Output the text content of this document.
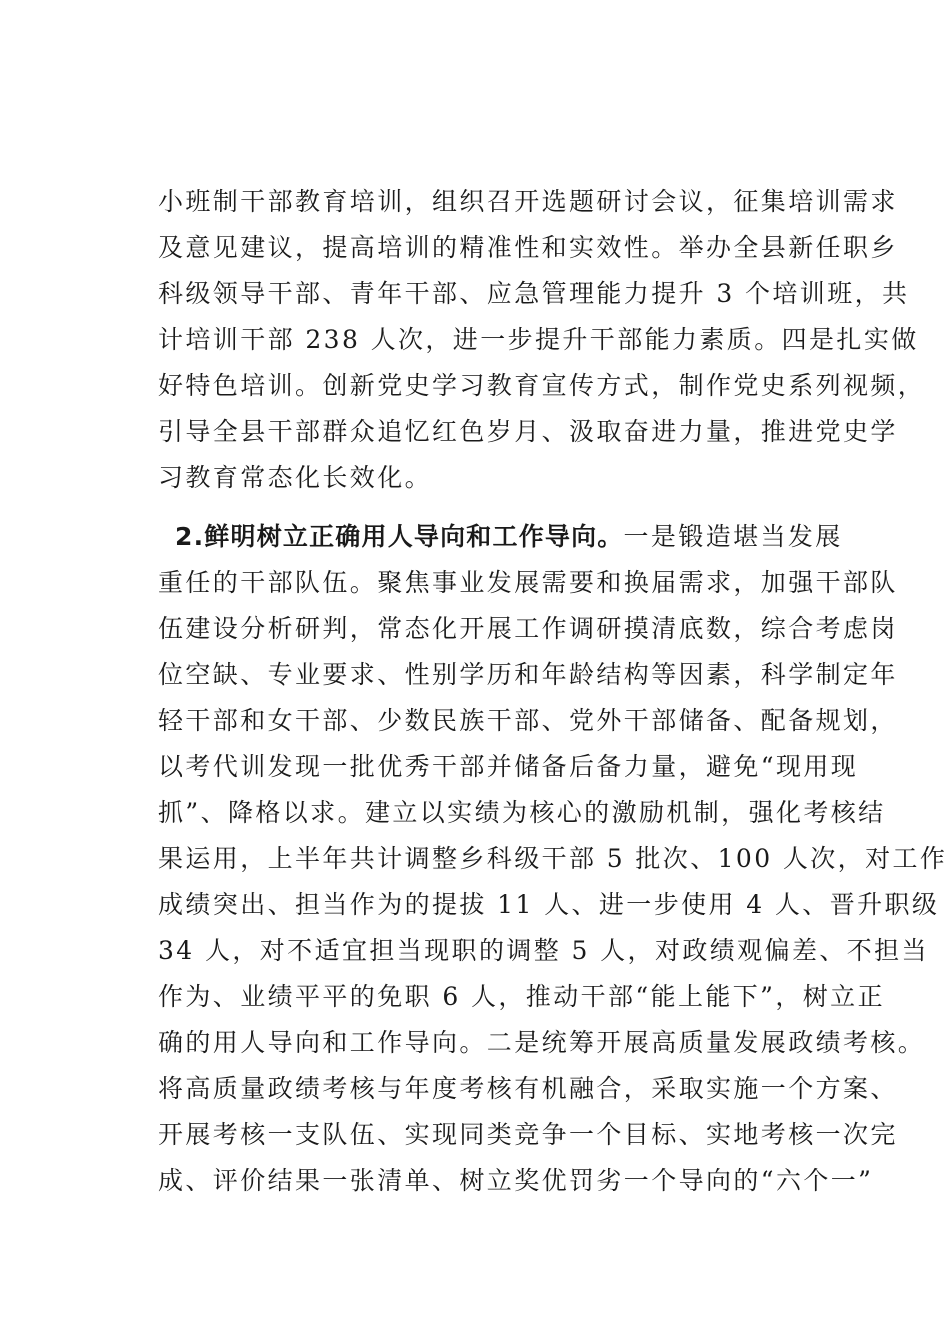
小班制干部教育培训，组织召开选题研讨会议，征集培训需求
及意见建议，提高培训的精准性和实效性。举办全县新任职乡
科级领导干部、青年干部、应急管理能力提升 3 个培训班，共
计培训干部 238 人次，进一步提升干部能力素质。四是扎实做
好特色培训。创新党史学习教育宣传方式，制作党史系列视频，
引导全县干部群众追忆红色岁月、汲取奋进力量，推进党史学
习教育常态化长效化。
2.鲜明树立正确用人导向和工作导向。一是锻造堪当发展
重任的干部队伍。聚焦事业发展需要和换届需求，加强干部队
伍建设分析研判，常态化开展工作调研摸清底数，综合考虑岗
位空缺、专业要求、性别学历和年龄结构等因素，科学制定年
轻干部和女干部、少数民族干部、党外干部储备、配备规划，
以考代训发现一批优秀干部并储备后备力量，避免“现用现
抓”、降格以求。建立以实绩为核心的激励机制，强化考核结
果运用，上半年共计调整乡科级干部 5 批次、100 人次，对工作
成绩突出、担当作为的提拔 11 人、进一步使用 4 人、晋升职级
34 人，对不适宜担当现职的调整 5 人，对政绩观偏差、不担当
作为、业绩平平的免职 6 人，推动干部“能上能下”，树立正
确的用人导向和工作导向。二是统筹开展高质量发展政绩考核。
将高质量政绩考核与年度考核有机融合，采取实施一个方案、
开展考核一支队伍、实现同类竞争一个目标、实地考核一次完
成、评价结果一张清单、树立奖优罚劣一个导向的“六个一”
